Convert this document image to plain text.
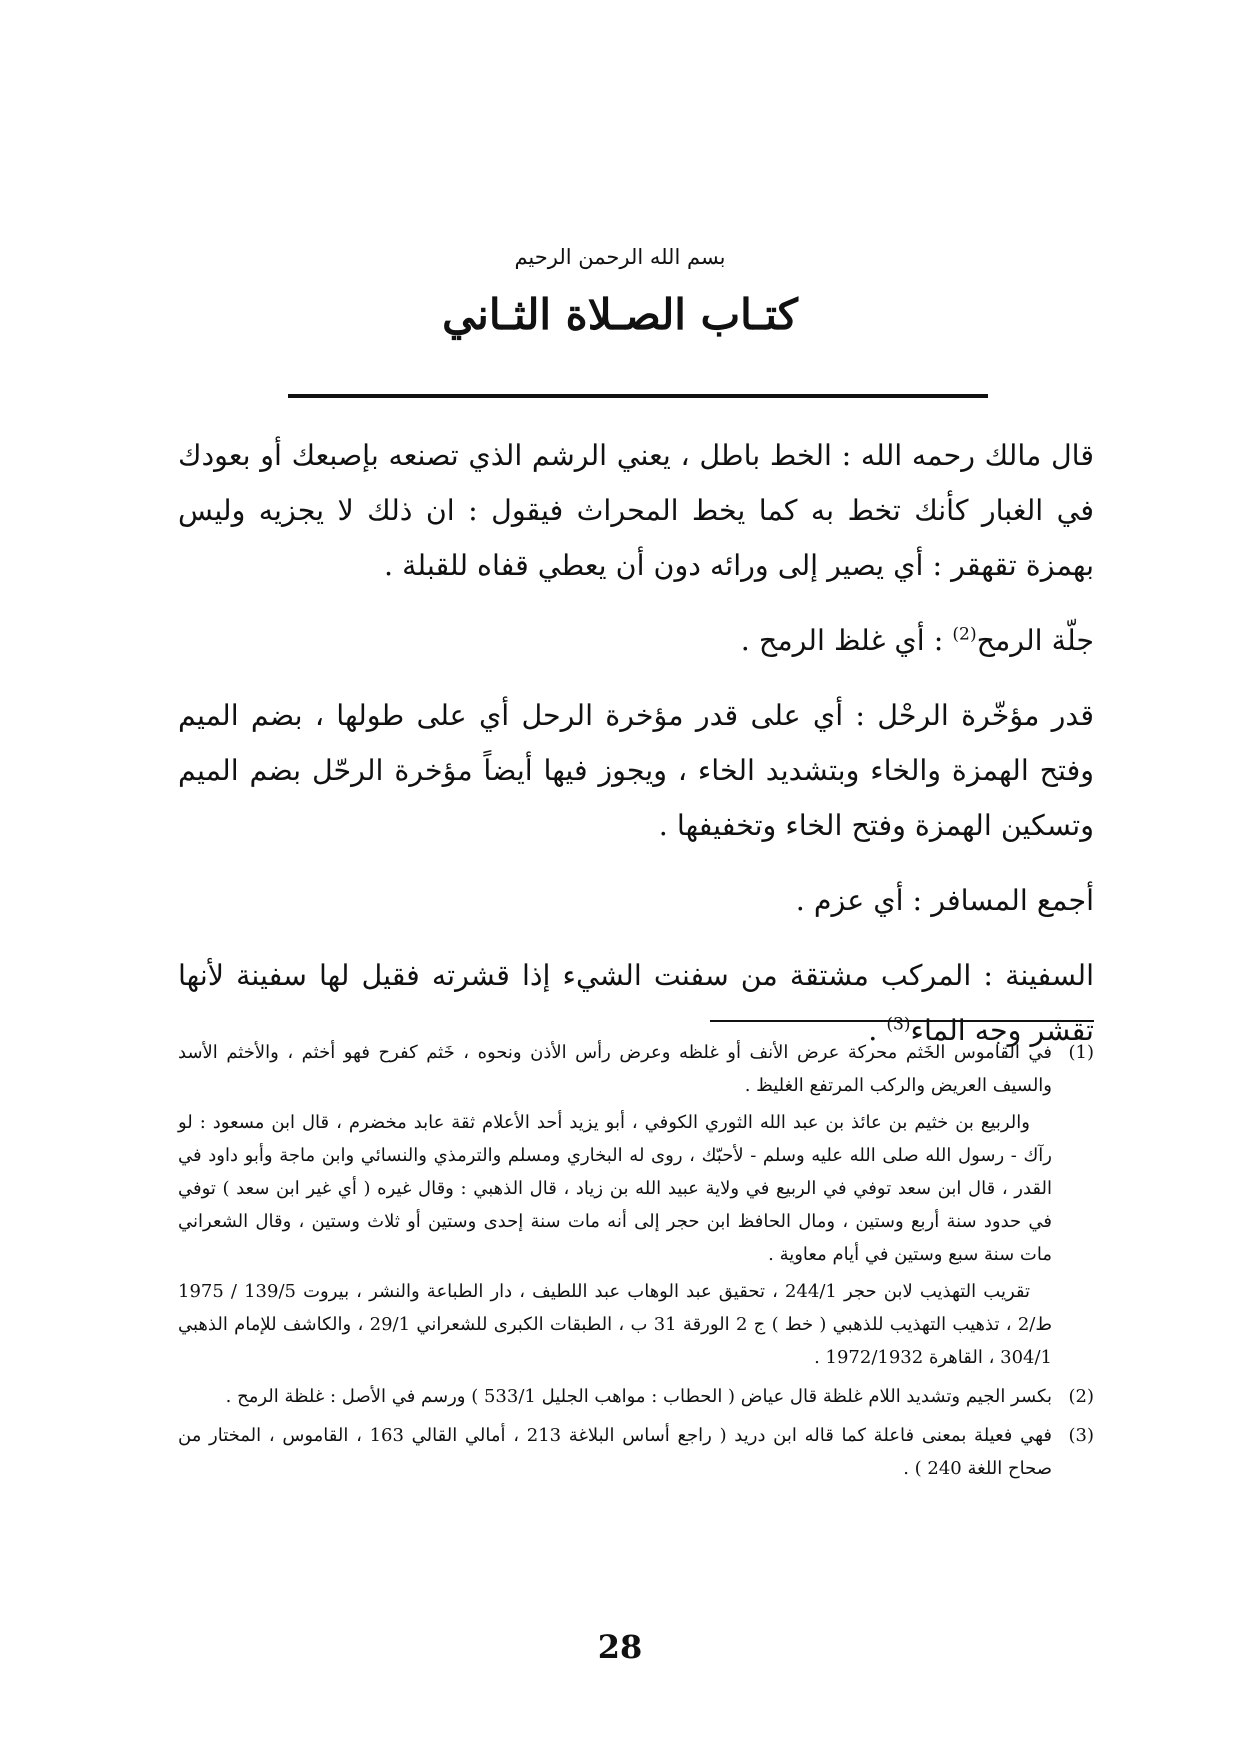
بسم الله الرحمن الرحيم
كتـاب الصـلاة الثـاني

قال مالك رحمه الله : الخط باطل ، يعني الرشم الذي تصنعه بإصبعك أو بعودك في الغبار كأنك تخط به كما يخط المحراث فيقول : ان ذلك لا يجزيه وليس بهمزة تقهقر : أي يصير إلى ورائه دون أن يعطي قفاه للقبلة .

جلّة الرمح$^{(2)}$ : أي غلظ الرمح .

قدر مؤخّرة الرحْل : أي على قدر مؤخرة الرحل أي على طولها ، بضم الميم وفتح الهمزة والخاء وبتشديد الخاء ، ويجوز فيها أيضاً مؤخرة الرحّل بضم الميم وتسكين الهمزة وفتح الخاء وتخفيفها .

أجمع المسافر : أي عزم .

السفينة : المركب مشتقة من سفنت الشيء إذا قشرته فقيل لها سفينة لأنها تقشر وجه الماء$^{(3)}$ .

(1)

في القاموس الخَثم محركة عرض الأنف أو غلظه وعرض رأس الأذن ونحوه ، خَثم كفرح فهو أخثم ، والأخثم الأسد والسيف العريض والركب المرتفع الغليظ .

والربيع بن خثيم بن عائذ بن عبد الله الثوري الكوفي ، أبو يزيد أحد الأعلام ثقة عابد مخضرم ، قال ابن مسعود : لو رآك - رسول الله صلى الله عليه وسلم - لأحبّك ، روى له البخاري ومسلم والترمذي والنسائي وابن ماجة وأبو داود في القدر ، قال ابن سعد توفي في الربيع في ولاية عبيد الله بن زياد ، قال الذهبي : وقال غيره ( أي غير ابن سعد ) توفي في حدود سنة أربع وستين ، ومال الحافظ ابن حجر إلى أنه مات سنة إحدى وستين أو ثلاث وستين ، وقال الشعراني مات سنة سبع وستين في أيام معاوية .

تقريب التهذيب لابن حجر 244/1 ، تحقيق عبد الوهاب عبد اللطيف ، دار الطباعة والنشر ، بيروت 139/5 / 1975 ط/2 ، تذهيب التهذيب للذهبي ( خط ) ج 2 الورقة 31 ب ، الطبقات الكبرى للشعراني 29/1 ، والكاشف للإمام الذهبي 304/1 ، القاهرة 1972/1932 .

(2)

بكسر الجيم وتشديد اللام غلظة قال عياض ( الحطاب : مواهب الجليل 533/1 ) ورسم في الأصل : غلظة الرمح .

(3)

فهي فعيلة بمعنى فاعلة كما قاله ابن دريد ( راجع أساس البلاغة 213 ، أمالي القالي 163 ، القاموس ، المختار من صحاح اللغة 240 ) .

28
